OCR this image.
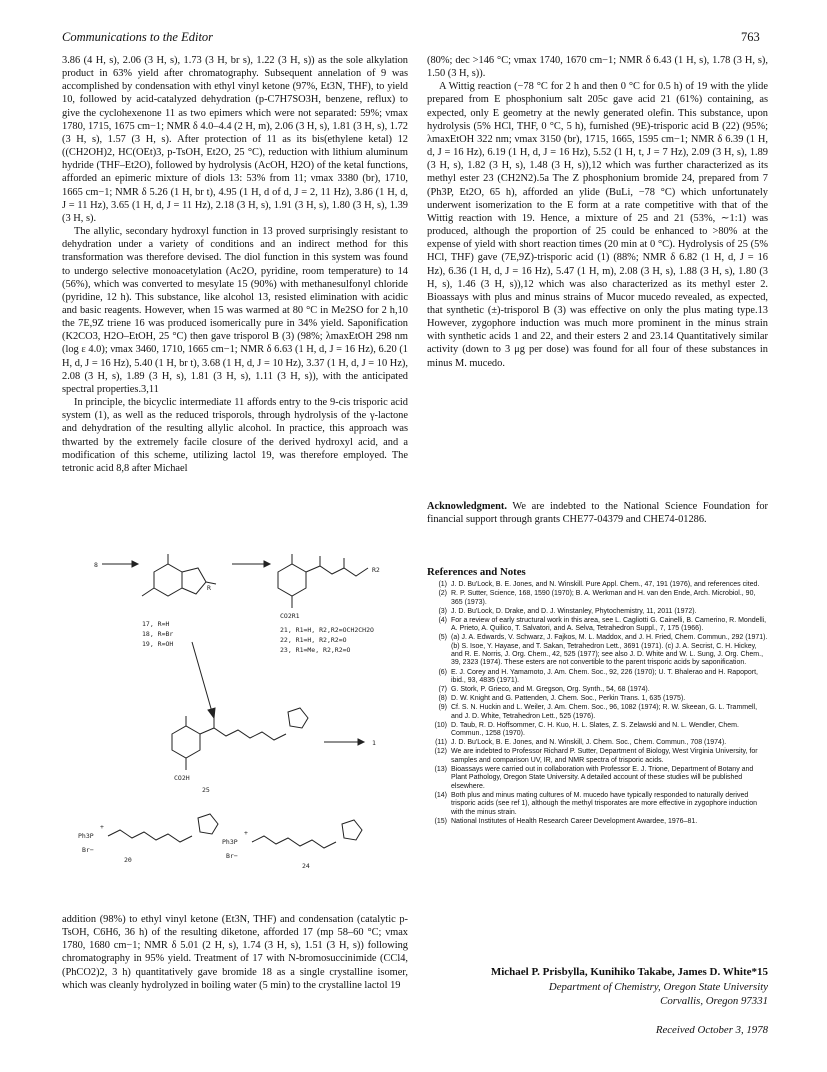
Communications to the Editor	763

3.86 (4 H, s), 2.06 (3 H, s), 1.73 (3 H, br s), 1.22 (3 H, s)) as the sole alkylation product in 63% yield after chromatography. Subsequent annelation of 9 was accomplished by condensation with ethyl vinyl ketone (97%, Et3N, THF), to yield 10, followed by acid-catalyzed dehydration (p-C7H7SO3H, benzene, reflux) to give the cyclohexenone 11 as two epimers which were not separated: 59%; νmax 1780, 1715, 1675 cm−1; NMR δ 4.0–4.4 (2 H, m), 2.06 (3 H, s), 1.81 (3 H, s), 1.72 (3 H, s), 1.57 (3 H, s). After protection of 11 as its bis(ethylene ketal) 12 ((CH2OH)2, HC(OEt)3, p-TsOH, Et2O, 25 °C), reduction with lithium aluminum hydride (THF–Et2O), followed by hydrolysis (AcOH, H2O) of the ketal functions, afforded an epimeric mixture of diols 13: 53% from 11; νmax 3380 (br), 1710, 1665 cm−1; NMR δ 5.26 (1 H, br t), 4.95 (1 H, d of d, J = 2, 11 Hz), 3.86 (1 H, d, J = 11 Hz), 3.65 (1 H, d, J = 11 Hz), 2.18 (3 H, s), 1.91 (3 H, s), 1.80 (3 H, s), 1.39 (3 H, s).

The allylic, secondary hydroxyl function in 13 proved surprisingly resistant to dehydration under a variety of conditions and an indirect method for this transformation was therefore devised. The diol function in this system was found to undergo selective monoacetylation (Ac2O, pyridine, room temperature) to 14 (56%), which was converted to mesylate 15 (90%) with methanesulfonyl chloride (pyridine, 12 h). This substance, like alcohol 13, resisted elimination with acidic and basic reagents. However, when 15 was warmed at 80 °C in Me2SO for 2 h,10 the 7E,9Z triene 16 was produced isomerically pure in 34% yield. Saponification (K2CO3, H2O–EtOH, 25 °C) then gave trisporol B (3) (98%; λmaxEtOH 298 nm (log ε 4.0); νmax 3460, 1710, 1665 cm−1; NMR δ 6.63 (1 H, d, J = 16 Hz), 6.20 (1 H, d, J = 16 Hz), 5.40 (1 H, br t), 3.68 (1 H, d, J = 10 Hz), 3.37 (1 H, d, J = 10 Hz), 2.08 (3 H, s), 1.89 (3 H, s), 1.81 (3 H, s), 1.11 (3 H, s)), with the anticipated spectral properties.3,11

In principle, the bicyclic intermediate 11 affords entry to the 9-cis trisporic acid system (1), as well as the reduced trisporols, through hydrolysis of the γ-lactone and dehydration of the resulting allylic alcohol. In practice, this approach was thwarted by the extremely facile closure of the derived hydroxyl acid, and a modification of this scheme, utilizing lactol 19, was therefore employed. The tetronic acid 8,8 after Michael

8
R
17, R=H
18, R=Br
19, R=OH
R2
CO2R1
21, R1=H, R2,R2=OCH2CH2O
22, R1=H, R2,R2=O
23, R1=Me, R2,R2=O
CO2H
25
1
Ph3P
+
Br−
20
Ph3P
+
Br−
24

addition (98%) to ethyl vinyl ketone (Et3N, THF) and condensation (catalytic p-TsOH, C6H6, 36 h) of the resulting diketone, afforded 17 (mp 58–60 °C; νmax 1780, 1680 cm−1; NMR δ 5.01 (2 H, s), 1.74 (3 H, s), 1.51 (3 H, s)) following chromatography in 95% yield. Treatment of 17 with N-bromosuccinimide (CCl4, (PhCO2)2, 3 h) quantitatively gave bromide 18 as a single crystalline isomer, which was cleanly hydrolyzed in boiling water (5 min) to the crystalline lactol 19

(80%; dec >146 °C; νmax 1740, 1670 cm−1; NMR δ 6.43 (1 H, s), 1.78 (3 H, s), 1.50 (3 H, s)).

A Wittig reaction (−78 °C for 2 h and then 0 °C for 0.5 h) of 19 with the ylide prepared from E phosphonium salt 205c gave acid 21 (61%) containing, as expected, only E geometry at the newly generated olefin. This substance, upon hydrolysis (5% HCl, THF, 0 °C, 5 h), furnished (9E)-trisporic acid B (22) (95%; λmaxEtOH 322 nm; νmax 3150 (br), 1715, 1665, 1595 cm−1; NMR δ 6.39 (1 H, d, J = 16 Hz), 6.19 (1 H, d, J = 16 Hz), 5.52 (1 H, t, J = 7 Hz), 2.09 (3 H, s), 1.89 (3 H, s), 1.82 (3 H, s), 1.48 (3 H, s)),12 which was further characterized as its methyl ester 23 (CH2N2).5a The Z phosphonium bromide 24, prepared from 7 (Ph3P, Et2O, 65 h), afforded an ylide (BuLi, −78 °C) which unfortunately underwent isomerization to the E form at a rate competitive with that of the Wittig reaction with 19. Hence, a mixture of 25 and 21 (53%, ∼1:1) was produced, although the proportion of 25 could be enhanced to >80% at the expense of yield with short reaction times (20 min at 0 °C). Hydrolysis of 25 (5% HCl, THF) gave (7E,9Z)-trisporic acid (1) (88%; NMR δ 6.82 (1 H, d, J = 16 Hz), 6.36 (1 H, d, J = 16 Hz), 5.47 (1 H, m), 2.08 (3 H, s), 1.88 (3 H, s), 1.80 (3 H, s), 1.46 (3 H, s)),12 which was also characterized as its methyl ester 2. Bioassays with plus and minus strains of Mucor mucedo revealed, as expected, that synthetic (±)-trisporol B (3) was effective on only the plus mating type.13 However, zygophore induction was much more prominent in the minus strain with synthetic acids 1 and 22, and their esters 2 and 23.14 Quantitatively similar activity (down to 3 μg per dose) was found for all four of these substances in minus M. mucedo.

Acknowledgment. We are indebted to the National Science Foundation for financial support through grants CHE77-04379 and CHE74-01286.
References and Notes
(1) J. D. Bu'Lock, B. E. Jones, and N. Winskill. Pure Appl. Chem., 47, 191 (1976), and references cited.
(2) R. P. Sutter, Science, 168, 1590 (1970); B. A. Werkman and H. van den Ende, Arch. Microbiol., 90, 365 (1973).
(3) J. D. Bu'Lock, D. Drake, and D. J. Winstanley, Phytochemistry, 11, 2011 (1972).
(4) For a review of early structural work in this area, see L. Cagliotti G. Cainelli, B. Camerino, R. Mondelli, A. Prieto, A. Quilico, T. Salvatori, and A. Selva, Tetrahedron Suppl., 7, 175 (1966).
(5) (a) J. A. Edwards, V. Schwarz, J. Fajkos, M. L. Maddox, and J. H. Fried, Chem. Commun., 292 (1971). (b) S. Isoe, Y. Hayase, and T. Sakan, Tetrahedron Lett., 3691 (1971). (c) J. A. Secrist, C. H. Hickey, and R. E. Norris, J. Org. Chem., 42, 525 (1977); see also J. D. White and W. L. Sung, J. Org. Chem., 39, 2323 (1974). These esters are not convertible to the parent trisporic acids by saponification.
(6) E. J. Corey and H. Yamamoto, J. Am. Chem. Soc., 92, 226 (1970); U. T. Bhalerao and H. Rapoport, ibid., 93, 4835 (1971).
(7) G. Stork, P. Grieco, and M. Gregson, Org. Synth., 54, 68 (1974).
(8) D. W. Knight and G. Pattenden, J. Chem. Soc., Perkin Trans. 1, 635 (1975).
(9) Cf. S. N. Huckin and L. Weiler, J. Am. Chem. Soc., 96, 1082 (1974); R. W. Skeean, G. L. Trammell, and J. D. White, Tetrahedron Lett., 525 (1976).
(10) D. Taub, R. D. Hoffsommer, C. H. Kuo, H. L. Slates, Z. S. Zelawski and N. L. Wendler, Chem. Commun., 1258 (1970).
(11) J. D. Bu'Lock, B. E. Jones, and N. Winskill, J. Chem. Soc., Chem. Commun., 708 (1974).
(12) We are indebted to Professor Richard P. Sutter, Department of Biology, West Virginia University, for samples and comparison UV, IR, and NMR spectra of trisporic acids.
(13) Bioassays were carried out in collaboration with Professor E. J. Trione, Department of Botany and Plant Pathology, Oregon State University. A detailed account of these studies will be published elsewhere.
(14) Both plus and minus mating cultures of M. mucedo have typically responded to naturally derived trisporic acids (see ref 1), although the methyl trisporates are more effective in zygophore induction with the minus strain.
(15) National Institutes of Health Research Career Development Awardee, 1976–81.
Michael P. Prisbylla, Kunihiko Takabe, James D. White*15
Department of Chemistry, Oregon State University
Corvallis, Oregon 97331
Received October 3, 1978
